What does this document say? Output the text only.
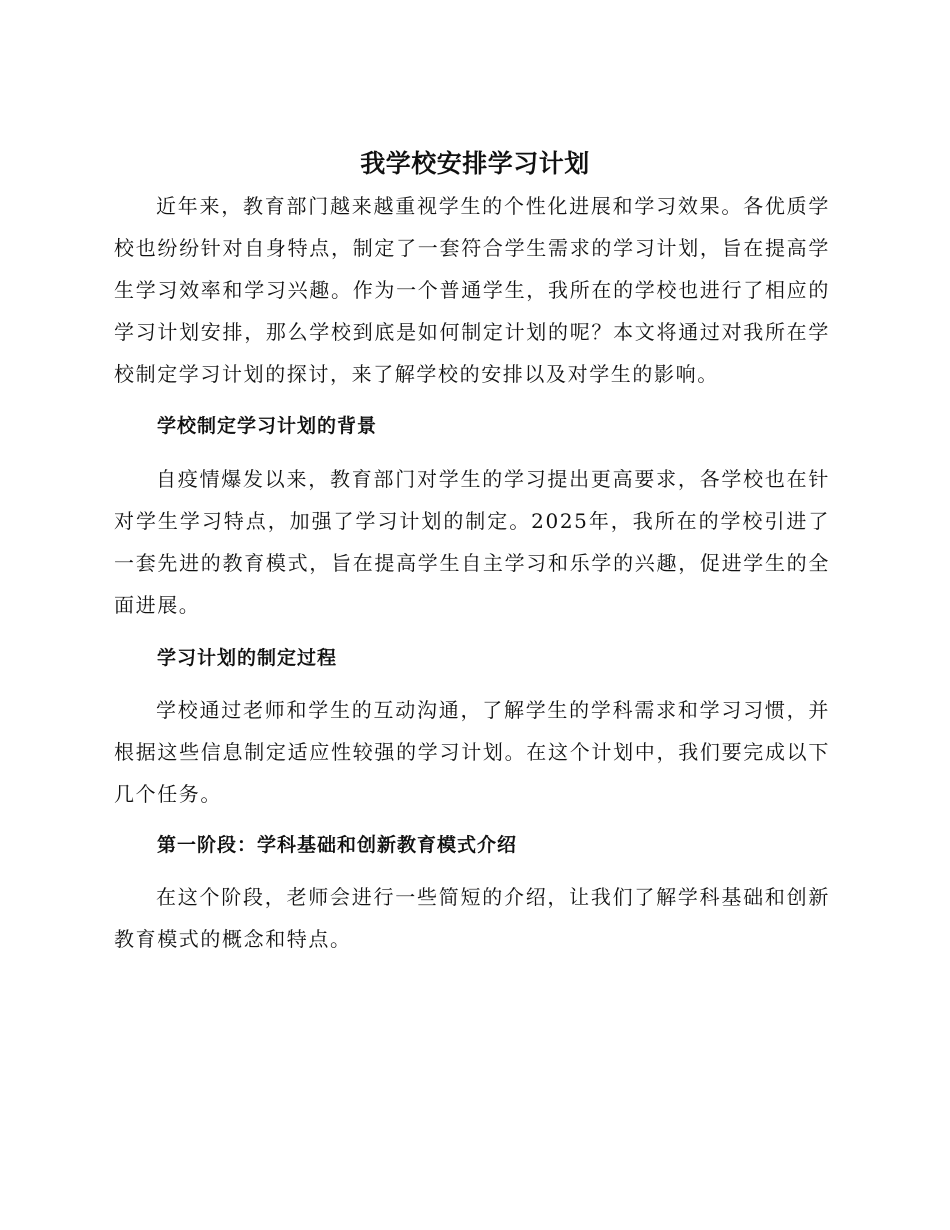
我学校安排学习计划

近年来，教育部门越来越重视学生的个性化进展和学习效果。各优质学校也纷纷针对自身特点，制定了一套符合学生需求的学习计划，旨在提高学生学习效率和学习兴趣。作为一个普通学生，我所在的学校也进行了相应的学习计划安排，那么学校到底是如何制定计划的呢？本文将通过对我所在学校制定学习计划的探讨，来了解学校的安排以及对学生的影响。

学校制定学习计划的背景

自疫情爆发以来，教育部门对学生的学习提出更高要求，各学校也在针对学生学习特点，加强了学习计划的制定。2025年，我所在的学校引进了一套先进的教育模式，旨在提高学生自主学习和乐学的兴趣，促进学生的全面进展。

学习计划的制定过程

学校通过老师和学生的互动沟通，了解学生的学科需求和学习习惯，并根据这些信息制定适应性较强的学习计划。在这个计划中，我们要完成以下几个任务。

第一阶段：学科基础和创新教育模式介绍

在这个阶段，老师会进行一些简短的介绍，让我们了解学科基础和创新教育模式的概念和特点。
